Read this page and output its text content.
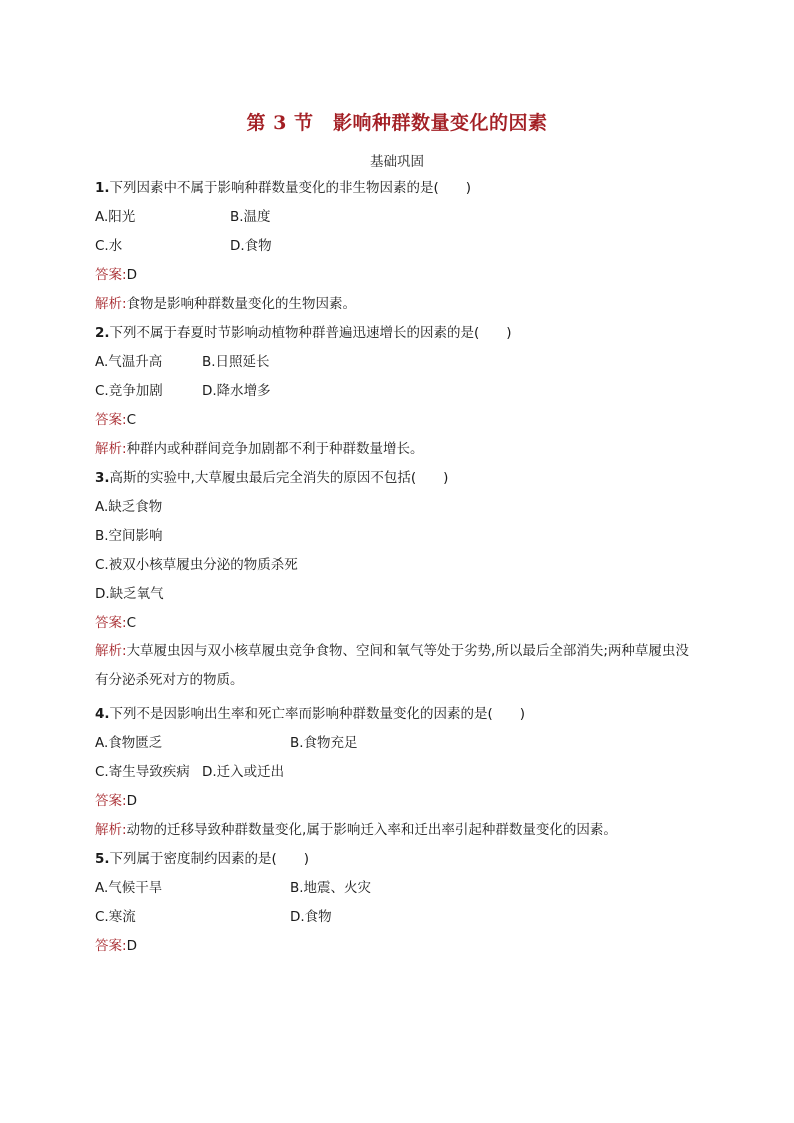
第 3 节　影响种群数量变化的因素
基础巩固
1.下列因素中不属于影响种群数量变化的非生物因素的是(　　)
A.阳光	B.温度
C.水	D.食物
答案:D
解析:食物是影响种群数量变化的生物因素。
2.下列不属于春夏时节影响动植物种群普遍迅速增长的因素的是(　　)
A.气温升高	B.日照延长
C.竞争加剧	D.降水增多
答案:C
解析:种群内或种群间竞争加剧都不利于种群数量增长。
3.高斯的实验中,大草履虫最后完全消失的原因不包括(　　)
A.缺乏食物
B.空间影响
C.被双小核草履虫分泌的物质杀死
D.缺乏氧气
答案:C
解析:大草履虫因与双小核草履虫竞争食物、空间和氧气等处于劣势,所以最后全部消失;两种草履虫没有分泌杀死对方的物质。
4.下列不是因影响出生率和死亡率而影响种群数量变化的因素的是(　　)
A.食物匮乏	B.食物充足
C.寄生导致疾病 D.迁入或迁出
答案:D
解析:动物的迁移导致种群数量变化,属于影响迁入率和迁出率引起种群数量变化的因素。
5.下列属于密度制约因素的是(　　)
A.气候干旱	B.地震、火灾
C.寒流	D.食物
答案:D
